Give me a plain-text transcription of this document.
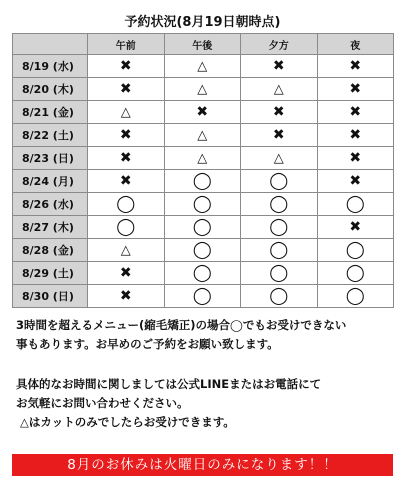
予約状況(8月19日朝時点)
	午前	午後	夕方	夜
8/19 (水)	✖	△	✖	✖
8/20 (木)	✖	△	△	✖
8/21 (金)	△	✖	✖	✖
8/22 (土)	✖	△	✖	✖
8/23 (日)	✖	△	△	✖
8/24 (月)	✖	◯	◯	✖
8/26 (水)	◯	◯	◯	◯
8/27 (木)	◯	◯	◯	✖
8/28 (金)	△	◯	◯	◯
8/29 (土)	✖	◯	◯	◯
8/30 (日)	✖	◯	◯	◯
3時間を超えるメニュー(縮毛矯正)の場合◯でもお受けできない
事もあります。お早めのご予約をお願い致します。
具体的なお時間に関しましては公式LINEまたはお電話にて
お気軽にお問い合わせください。
△はカットのみでしたらお受けできます。
8月のお休みは火曜日のみになります！！
